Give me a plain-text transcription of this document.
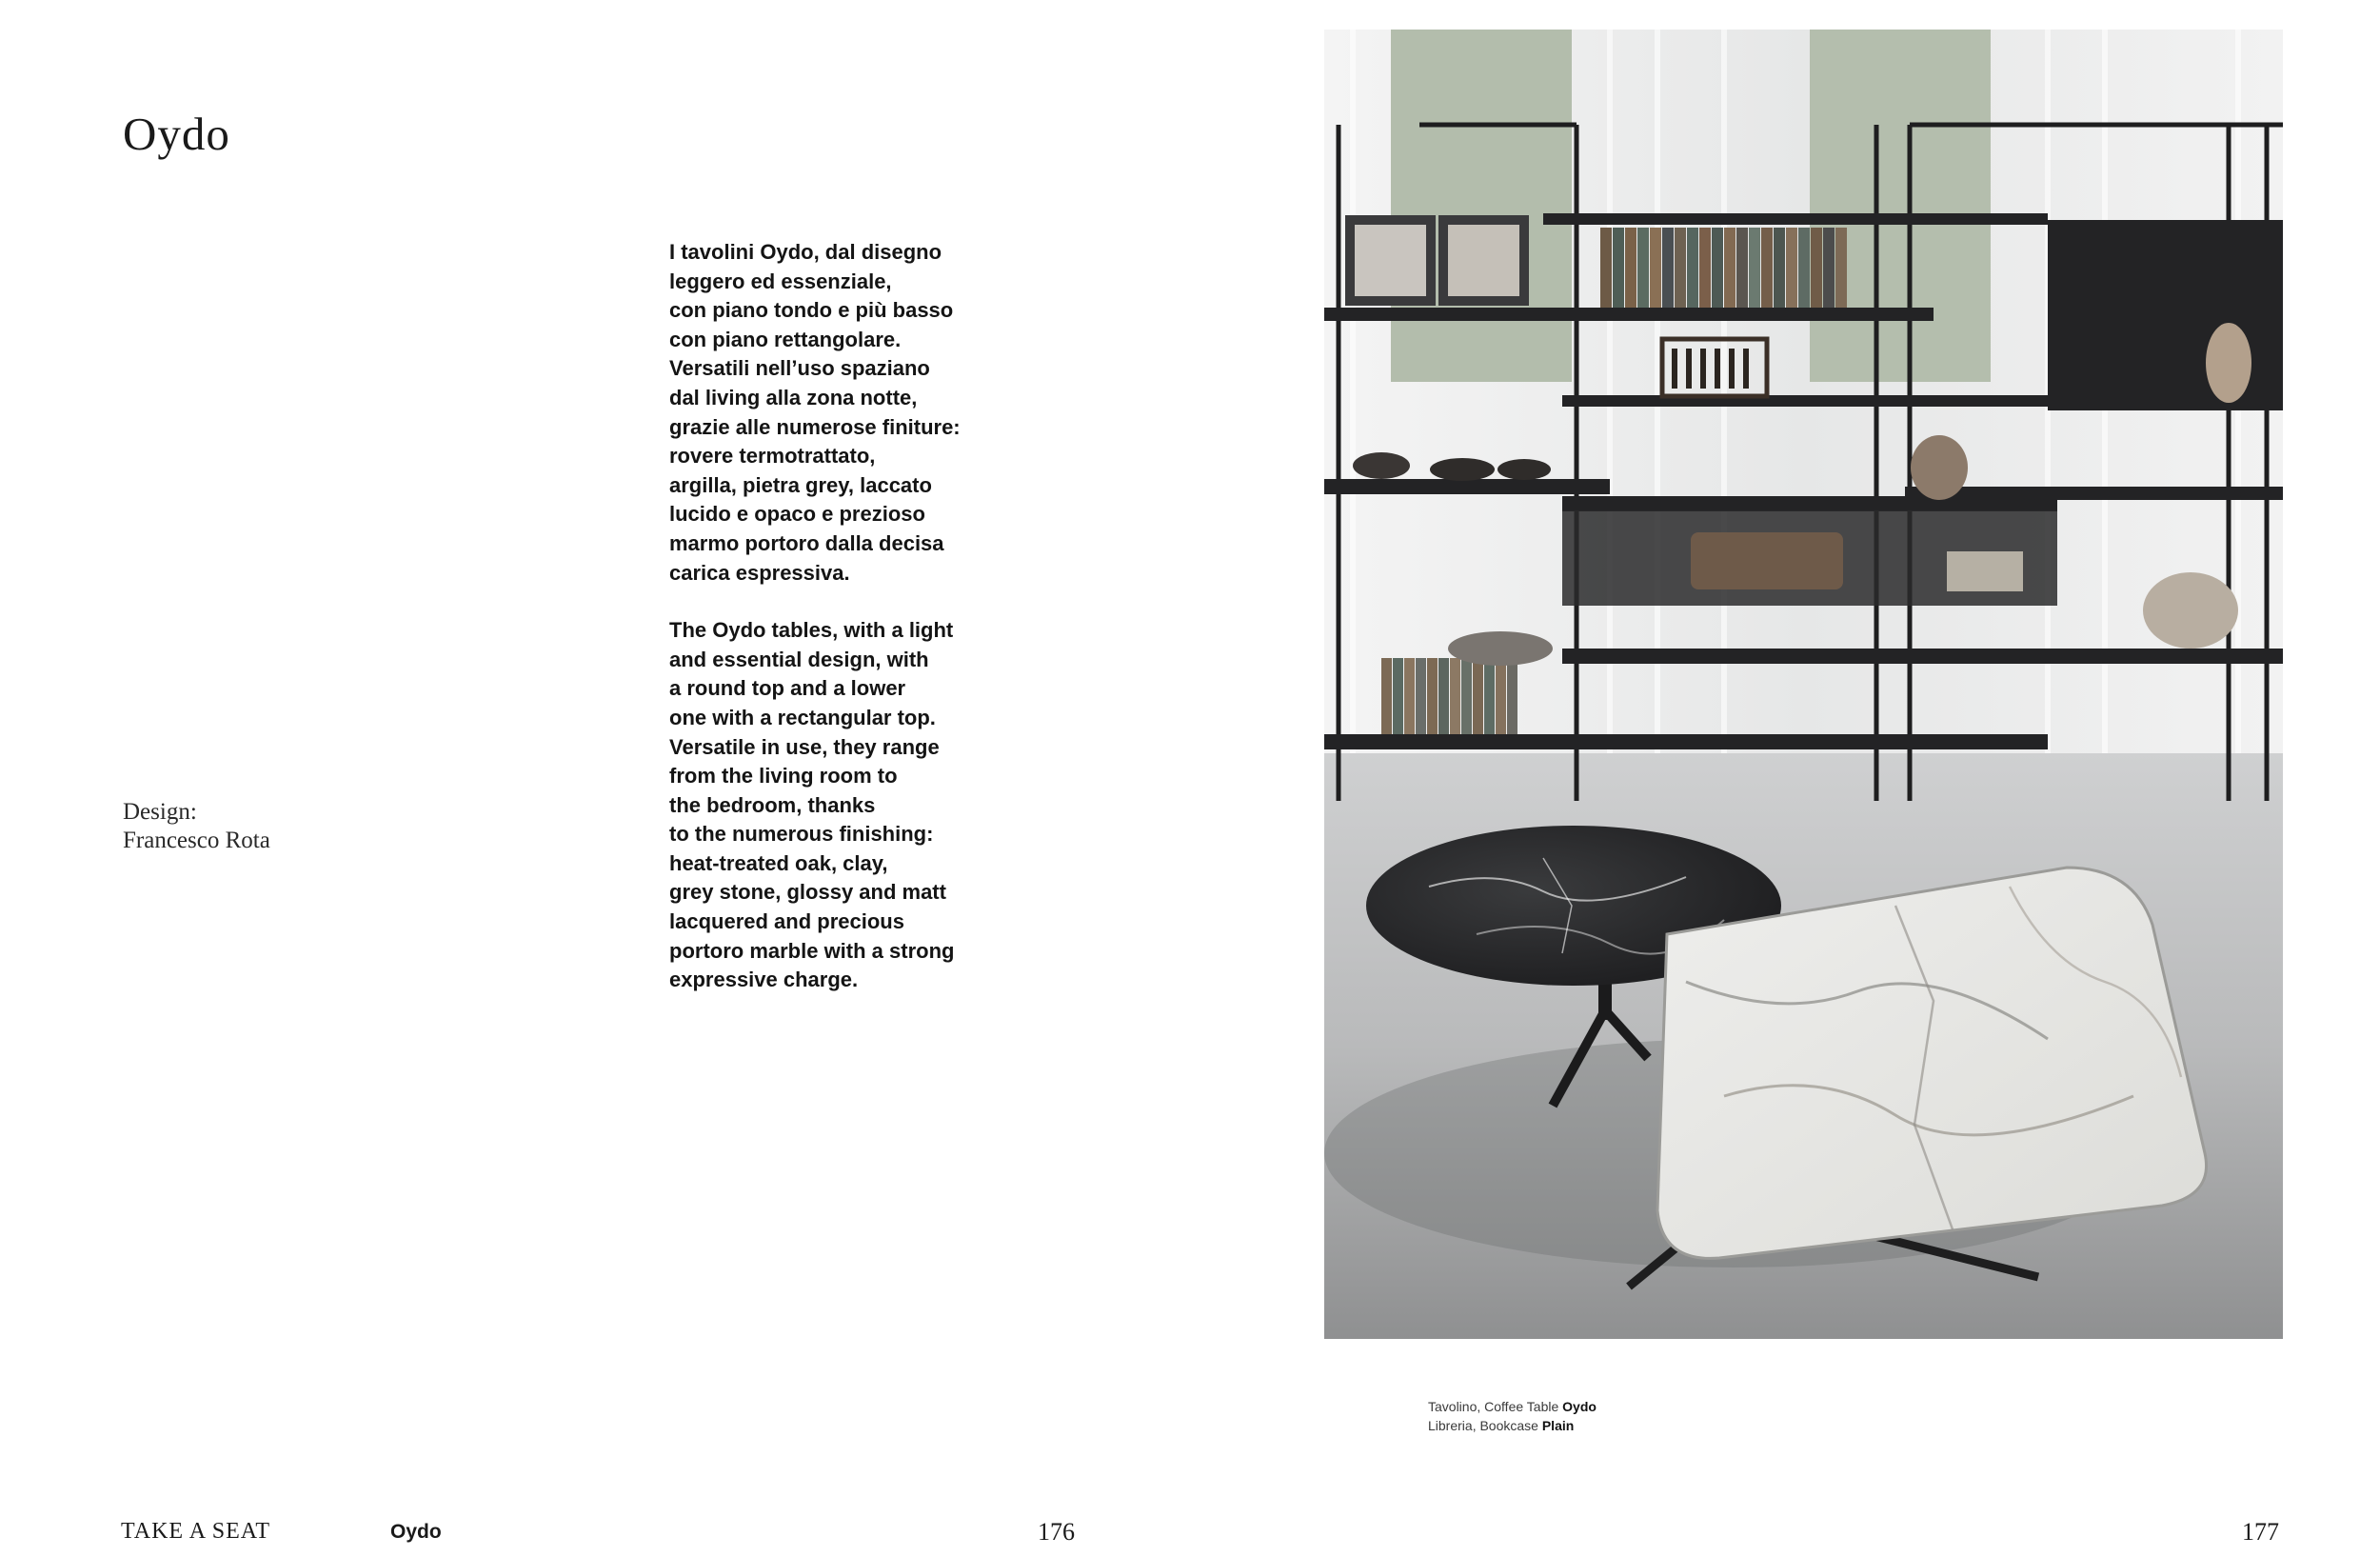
Oydo
Design:
Francesco Rota

I tavolini Oydo, dal disegno
leggero ed essenziale,
con piano tondo e più basso
con piano rettangolare.
Versatili nell’uso spaziano
dal living alla zona notte,
grazie alle numerose finiture:
rovere termotrattato,
argilla, pietra grey, laccato
lucido e opaco e prezioso
marmo portoro dalla decisa
carica espressiva.

The Oydo tables, with a light
and essential design, with
a round top and a lower
one with a rectangular top.
Versatile in use, they range
from the living room to
the bedroom, thanks
to the numerous finishing:
heat-treated oak, clay,
grey stone, glossy and matt
lacquered and precious
portoro marble with a strong
expressive charge.

Tavolino, Coffee Table Oydo
Libreria, Bookcase Plain
TAKE A SEAT	Oydo	176	177
